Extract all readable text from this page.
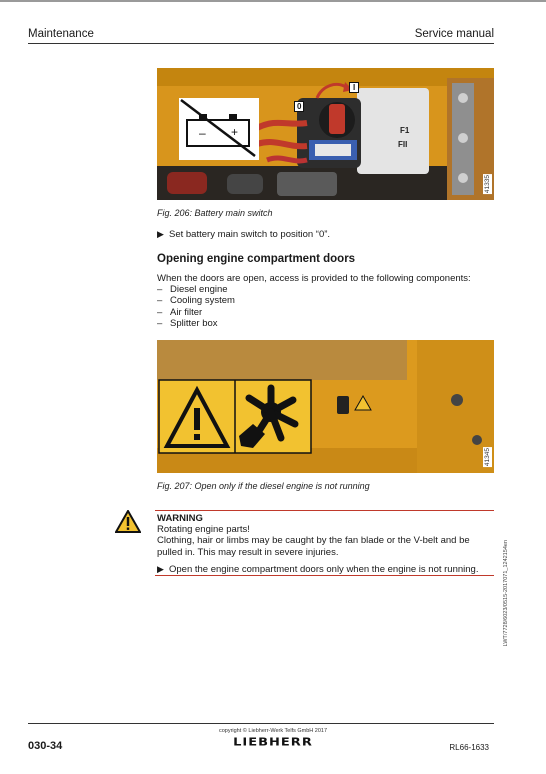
Maintenance	Service manual
– +
0
I
F1
FII
41335
Fig. 206: Battery main switch
▶ Set battery main switch to position “0”.
Opening engine compartment doors
When the doors are open, access is provided to the following components:
– Diesel engine
– Cooling system
– Air filter
– Splitter box
41345
Fig. 207: Open only if the diesel engine is not running
WARNING
Rotating engine parts!
Clothing, hair or limbs may be caught by the fan blade or the V-belt and be pulled in. This may result in severe injuries.
▶ Open the engine compartment doors only when the engine is not running.	LWT/7728/6023/0515-2017071_1242154en
030-34
copyright © Liebherr-Werk Telfs GmbH 2017
LIEBHERR	RL66-1633
